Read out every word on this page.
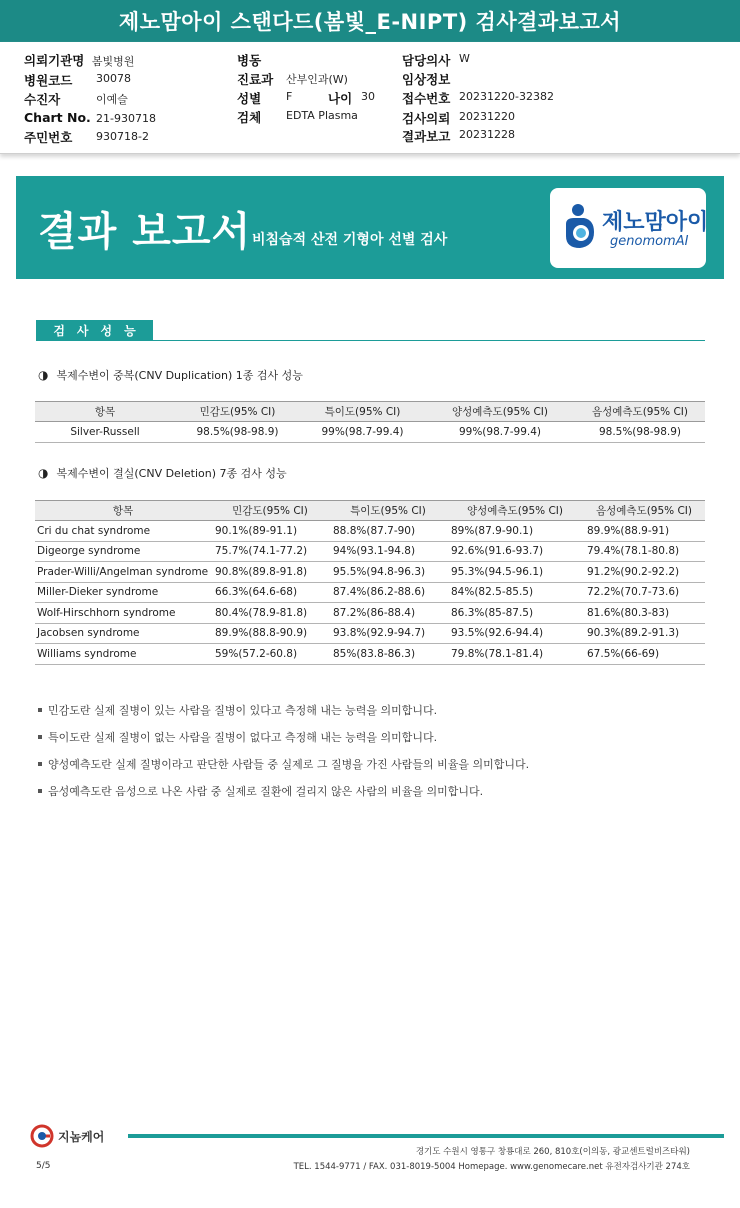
제노맘아이 스탠다드(봄빛_E-NIPT) 검사결과보고서
의뢰기관명 봄빛병원
병원코드 30078
수진자	이예슬
Chart No. 21-930718
주민번호 930718-2
병동
진료과 산부인과(W)
성별 F	나이 30
검체 EDTA Plasma
담당의사 W
임상정보
접수번호 20231220-32382
검사의뢰 20231220
결과보고 20231228
결과 보고서 비침습적 산전 기형아 선별 검사
제노맘아이
genomomAI
검사성능
◑ 복제수변이 중복(CNV Duplication) 1종 검사 성능
항목	민감도(95% CI)	특이도(95% CI)	양성예측도(95% CI)	음성예측도(95% CI)
Silver-Russell	98.5%(98-98.9)	99%(98.7-99.4)	99%(98.7-99.4)	98.5%(98-98.9)
◑ 복제수변이 결실(CNV Deletion) 7종 검사 성능
항목	민감도(95% CI)	특이도(95% CI)	양성예측도(95% CI)	음성예측도(95% CI)
Cri du chat syndrome	90.1%(89-91.1)	88.8%(87.7-90)	89%(87.9-90.1)	89.9%(88.9-91)
Digeorge syndrome	75.7%(74.1-77.2)	94%(93.1-94.8)	92.6%(91.6-93.7)	79.4%(78.1-80.8)
Prader-Willi/Angelman syndrome	90.8%(89.8-91.8)	95.5%(94.8-96.3)	95.3%(94.5-96.1)	91.2%(90.2-92.2)
Miller-Dieker syndrome	66.3%(64.6-68)	87.4%(86.2-88.6)	84%(82.5-85.5)	72.2%(70.7-73.6)
Wolf-Hirschhorn syndrome	80.4%(78.9-81.8)	87.2%(86-88.4)	86.3%(85-87.5)	81.6%(80.3-83)
Jacobsen syndrome	89.9%(88.8-90.9)	93.8%(92.9-94.7)	93.5%(92.6-94.4)	90.3%(89.2-91.3)
Williams syndrome	59%(57.2-60.8)	85%(83.8-86.3)	79.8%(78.1-81.4)	67.5%(66-69)
민감도란 실제 질병이 있는 사람을 질병이 있다고 측정해 내는 능력을 의미합니다.
특이도란 실제 질병이 없는 사람을 질병이 없다고 측정해 내는 능력을 의미합니다.
양성예측도란 실제 질병이라고 판단한 사람들 중 실제로 그 질병을 가진 사람들의 비율을 의미합니다.
음성예측도란 음성으로 나온 사람 중 실제로 질환에 걸리지 않은 사람의 비율을 의미합니다.
지놈케어
경기도 수원시 영통구 창룡대로 260, 810호(이의동, 광교센트럴비즈타워)
TEL. 1544-9771 / FAX. 031-8019-5004 Homepage. www.genomecare.net 유전자검사기관 274호
5/5
